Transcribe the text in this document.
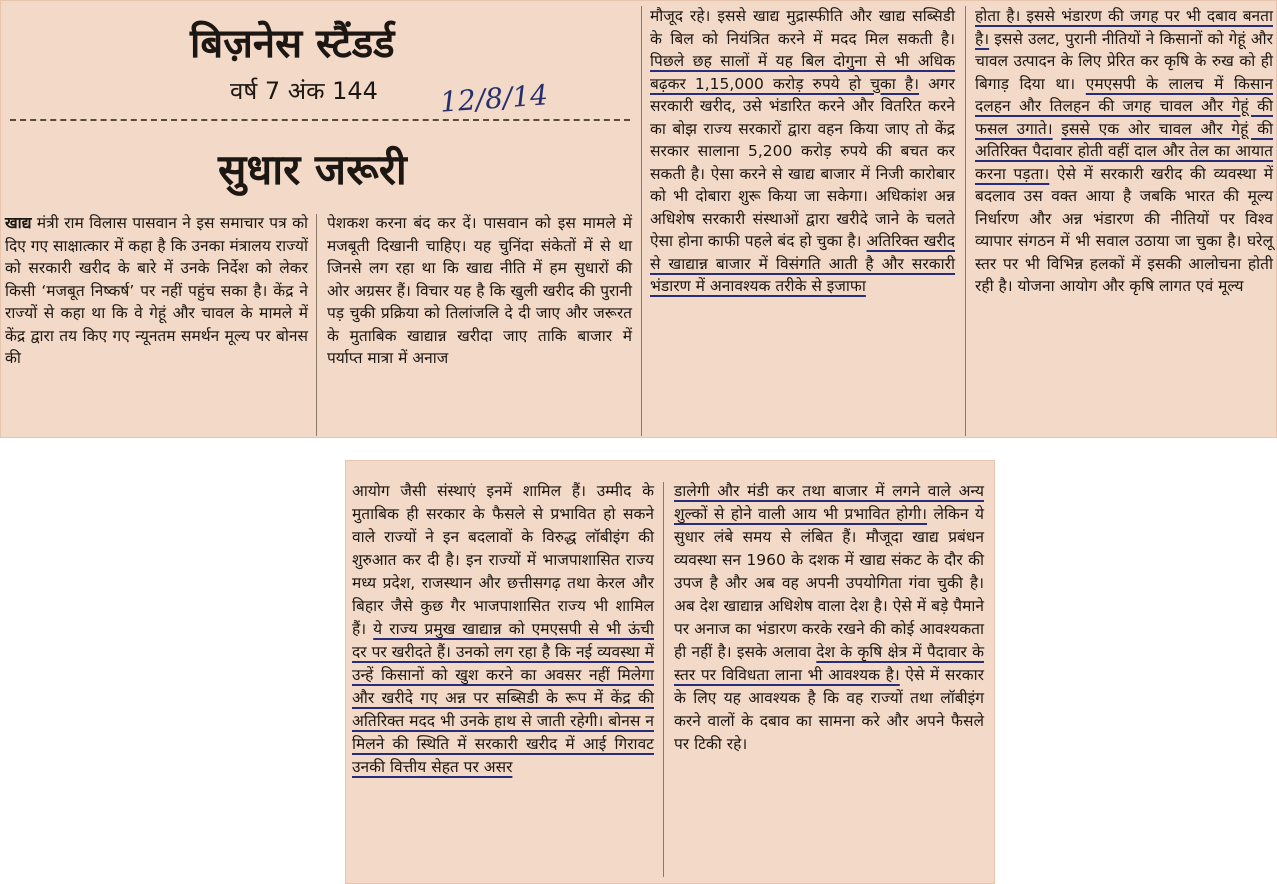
बिज़नेस स्टैंडर्ड
वर्ष 7 अंक 144 12/8/14
सुधार जरूरी

खाद्य मंत्री राम विलास पासवान ने इस समाचार पत्र को दिए गए साक्षात्कार में कहा है कि उनका मंत्रालय राज्यों को सरकारी खरीद के बारे में उनके निर्देश को लेकर किसी ‘मजबूत निष्कर्ष’ पर नहीं पहुंच सका है। केंद्र ने राज्यों से कहा था कि वे गेहूं और चावल के मामले में केंद्र द्वारा तय किए गए न्यूनतम समर्थन मूल्य पर बोनस की

पेशकश करना बंद कर दें। पासवान को इस मामले में मजबूती दिखानी चाहिए। यह चुनिंदा संकेतों में से था जिनसे लग रहा था कि खाद्य नीति में हम सुधारों की ओर अग्रसर हैं। विचार यह है कि खुली खरीद की पुरानी पड़ चुकी प्रक्रिया को तिलांजलि दे दी जाए और जरूरत के मुताबिक खाद्यान्न खरीदा जाए ताकि बाजार में पर्याप्त मात्रा में अनाज

मौजूद रहे। इससे खाद्य मुद्रास्फीति और खाद्य सब्सिडी के बिल को नियंत्रित करने में मदद मिल सकती है। पिछले छह सालों में यह बिल दोगुना से भी अधिक बढ़कर 1,15,000 करोड़ रुपये हो चुका है। अगर सरकारी खरीद, उसे भंडारित करने और वितरित करने का बोझ राज्य सरकारों द्वारा वहन किया जाए तो केंद्र सरकार सालाना 5,200 करोड़ रुपये की बचत कर सकती है। ऐसा करने से खाद्य बाजार में निजी कारोबार को भी दोबारा शुरू किया जा सकेगा। अधिकांश अन्न अधिशेष सरकारी संस्थाओं द्वारा खरीदे जाने के चलते ऐसा होना काफी पहले बंद हो चुका है। अतिरिक्त खरीद से खाद्यान्न बाजार में विसंगति आती है और सरकारी भंडारण में अनावश्यक तरीके से इजाफा

होता है। इससे भंडारण की जगह पर भी दबाव बनता है। इससे उलट, पुरानी नीतियों ने किसानों को गेहूं और चावल उत्पादन के लिए प्रेरित कर कृषि के रुख को ही बिगाड़ दिया था। एमएसपी के लालच में किसान दलहन और तिलहन की जगह चावल और गेहूं की फसल उगाते। इससे एक ओर चावल और गेहूं की अतिरिक्त पैदावार होती वहीं दाल और तेल का आयात करना पड़ता। ऐसे में सरकारी खरीद की व्यवस्था में बदलाव उस वक्त आया है जबकि भारत की मूल्य निर्धारण और अन्न भंडारण की नीतियों पर विश्व व्यापार संगठन में भी सवाल उठाया जा चुका है। घरेलू स्तर पर भी विभिन्न हलकों में इसकी आलोचना होती रही है। योजना आयोग और कृषि लागत एवं मूल्य

आयोग जैसी संस्थाएं इनमें शामिल हैं। उम्मीद के मुताबिक ही सरकार के फैसले से प्रभावित हो सकने वाले राज्यों ने इन बदलावों के विरुद्ध लॉबीइंग की शुरुआत कर दी है। इन राज्यों में भाजपाशासित राज्य मध्य प्रदेश, राजस्थान और छत्तीसगढ़ तथा केरल और बिहार जैसे कुछ गैर भाजपाशासित राज्य भी शामिल हैं। ये राज्य प्रमुख खाद्यान्न को एमएसपी से भी ऊंची दर पर खरीदते हैं। उनको लग रहा है कि नई व्यवस्था में उन्हें किसानों को खुश करने का अवसर नहीं मिलेगा और खरीदे गए अन्न पर सब्सिडी के रूप में केंद्र की अतिरिक्त मदद भी उनके हाथ से जाती रहेगी। बोनस न मिलने की स्थिति में सरकारी खरीद में आई गिरावट उनकी वित्तीय सेहत पर असर

डालेगी और मंडी कर तथा बाजार में लगने वाले अन्य शुल्कों से होने वाली आय भी प्रभावित होगी। लेकिन ये सुधार लंबे समय से लंबित हैं। मौजूदा खाद्य प्रबंधन व्यवस्था सन 1960 के दशक में खाद्य संकट के दौर की उपज है और अब वह अपनी उपयोगिता गंवा चुकी है। अब देश खाद्यान्न अधिशेष वाला देश है। ऐसे में बड़े पैमाने पर अनाज का भंडारण करके रखने की कोई आवश्यकता ही नहीं है। इसके अलावा देश के कृषि क्षेत्र में पैदावार के स्तर पर विविधता लाना भी आवश्यक है। ऐसे में सरकार के लिए यह आवश्यक है कि वह राज्यों तथा लॉबीइंग करने वालों के दबाव का सामना करे और अपने फैसले पर टिकी रहे।
